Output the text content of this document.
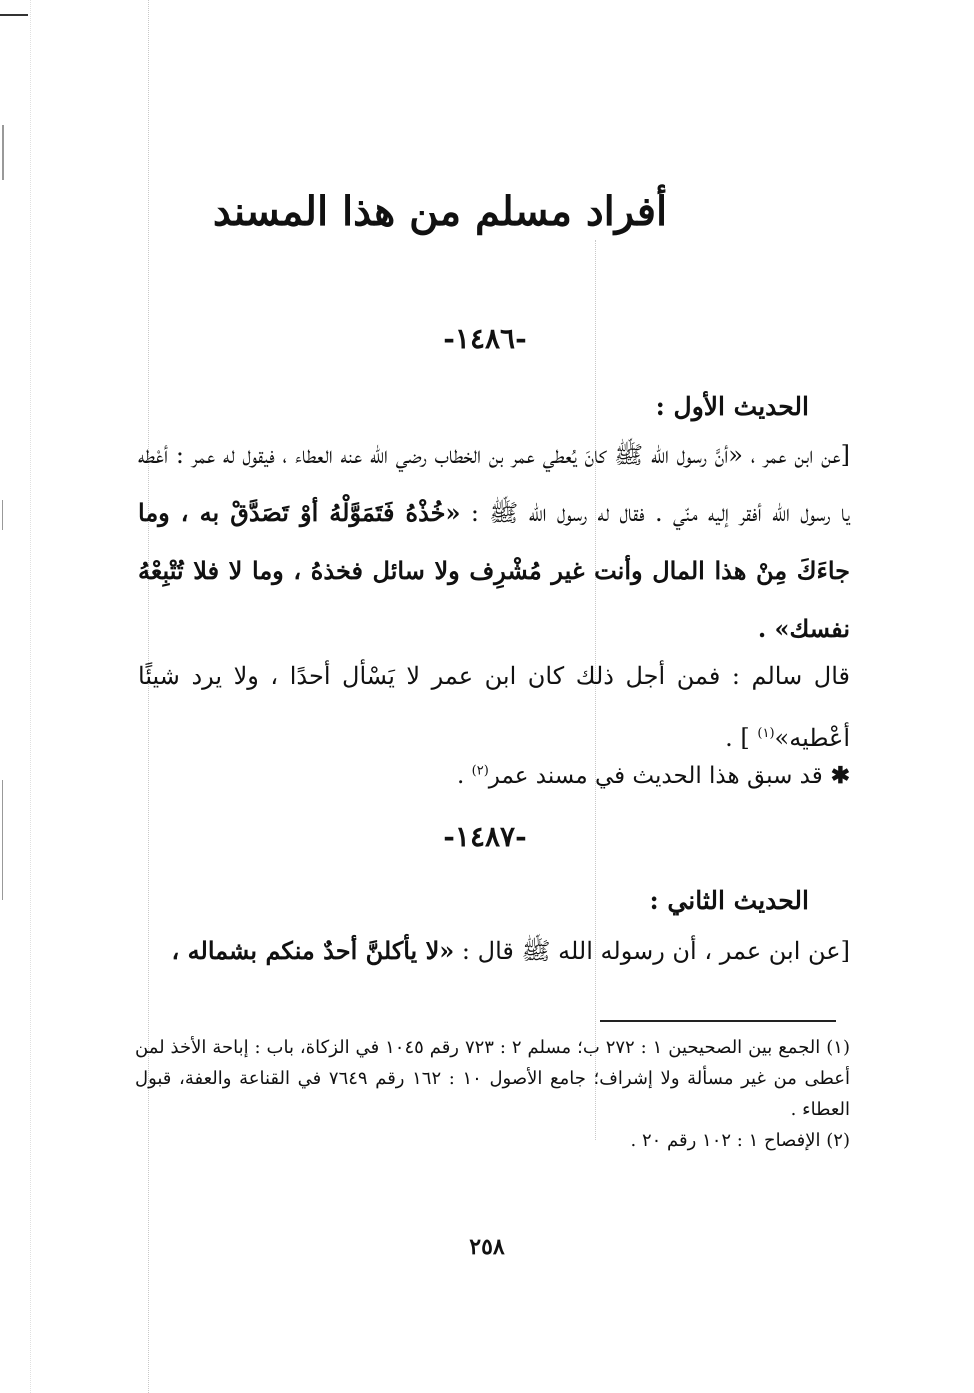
أفراد مسلم من هذا المسند
-١٤٨٦-
الحديث الأول :
[عن ابن عمر ، «أنَّ رسول الله ﷺ كانَ يُعطي عمر بن الخطاب رضي الله عنه العطاء ، فيقول له عمر : أعْطه يا رسول الله أفقر إليه منّي . فقال له رسول الله ﷺ : «خُذْهُ فَتَمَوَّلْهُ أوْ تَصَدَّقْ به ، وما جاءَكَ مِنْ هذا المال وأنت غير مُشْرِف ولا سائل فخذهُ ، وما لا فلا تُتْبِعْهُ نفسك» .
قال سالم : فمن أجل ذلك كان ابن عمر لا يَسْأل أحدًا ، ولا يرد شيئًا أعْطيه»$^{(١)}$ ] .
✱قد سبق هذا الحديث في مسند عمر$^{(٢)}$ .
-١٤٨٧-
الحديث الثاني :
[عن ابن عمر ، أن رسوله الله ﷺ قال : «لا يأكلنَّ أحدٌ منكم بشماله ،

(١) الجمع بين الصحيحين ١ : ٢٧٢ ب؛ مسلم ٢ : ٧٢٣ رقم ١٠٤٥ في الزكاة، باب : إباحة الأخذ لمن أعطى من غير مسألة ولا إشراف؛ جامع الأصول ١٠ : ١٦٢ رقم ٧٦٤٩ في القناعة والعفة، قبول العطاء .

(٢) الإفصاح ١ : ١٠٢ رقم ٢٠ .

٢٥٨
